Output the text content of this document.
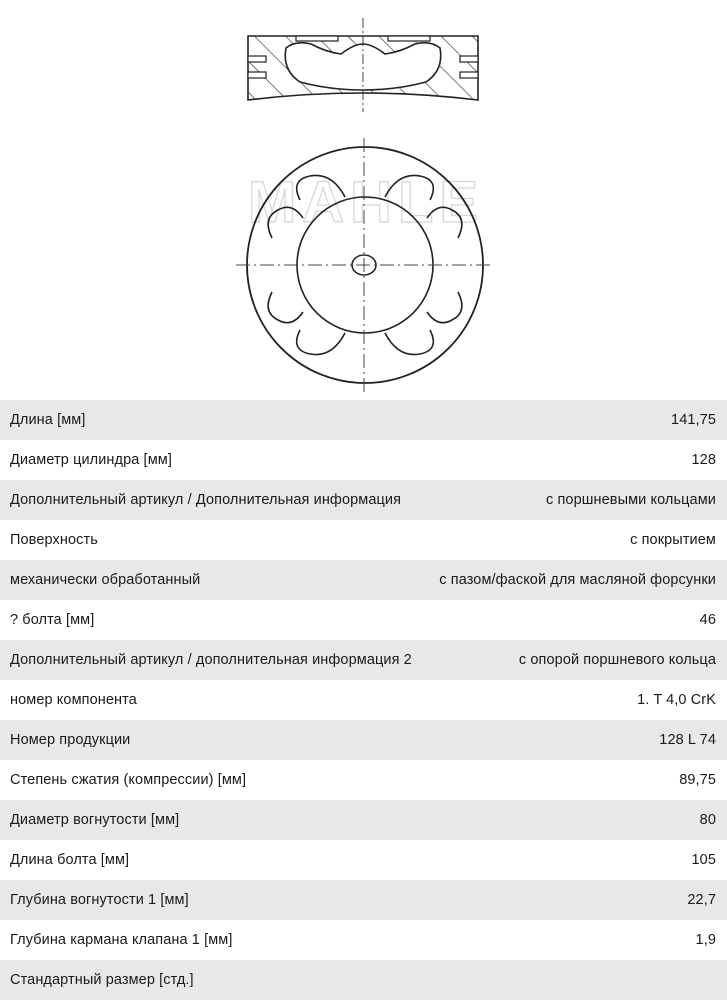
MAHLE
Длина [мм]	141,75
Диаметр цилиндра [мм]	128
Дополнительный артикул / Дополнительная информация	с поршневыми кольцами
Поверхность	с покрытием
механически обработанный	с пазом/фаской для масляной форсунки
? болта [мм]	46
Дополнительный артикул / дополнительная информация 2	с опорой поршневого кольца
номер компонента	1. T 4,0 CrK
Номер продукции	128 L 74
Степень сжатия (компрессии) [мм]	89,75
Диаметр вогнутости [мм]	80
Длина болта [мм]	105
Глубина вогнутости 1 [мм]	22,7
Глубина кармана клапана 1 [мм]	1,9
Стандартный размер [стд.]
